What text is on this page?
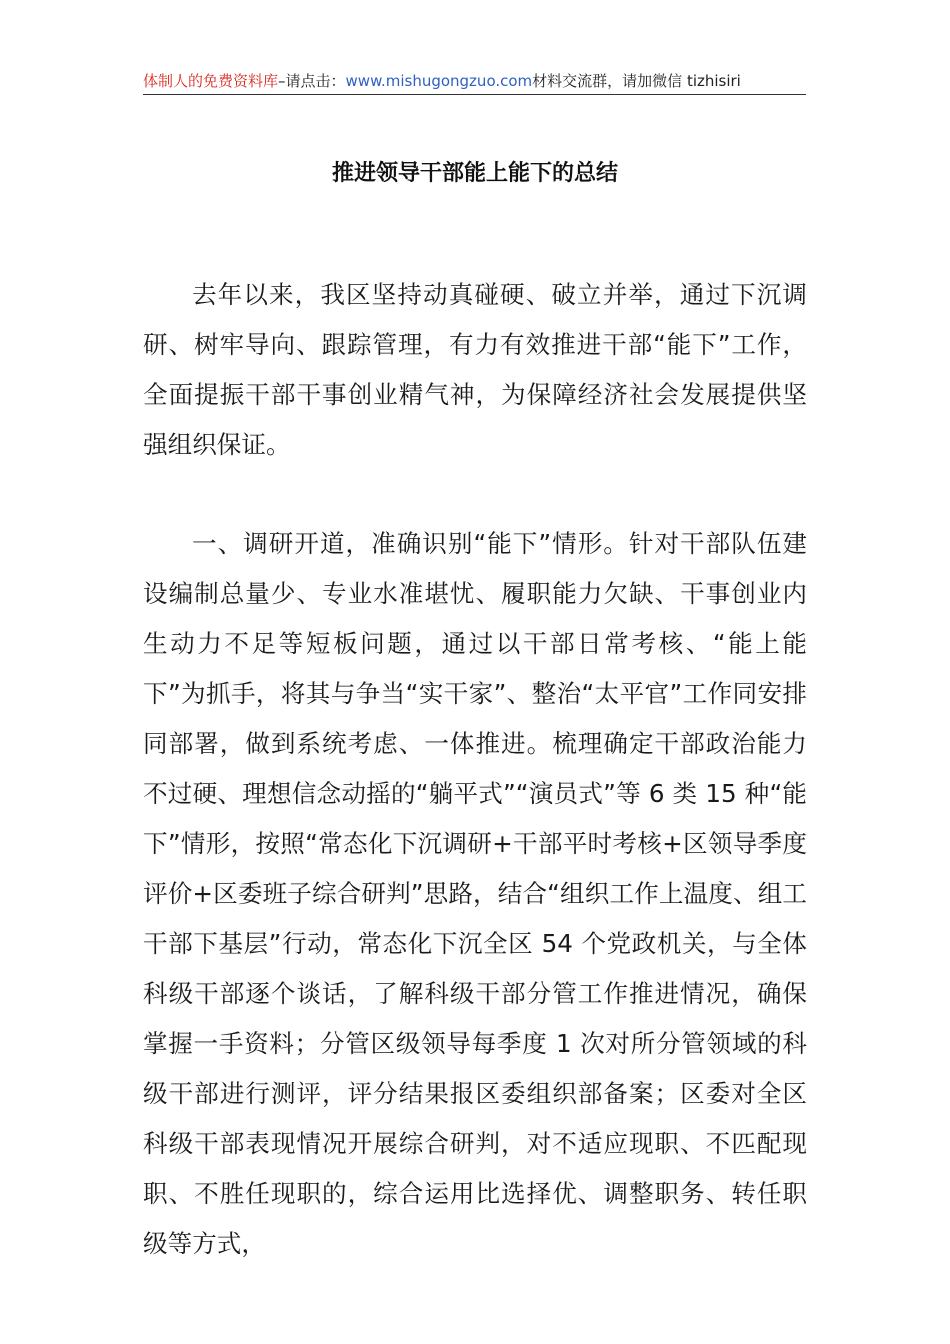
体制人的免费资料库–请点击：www.mishugongzuo.com材料交流群，请加微信 tizhisiri
推进领导干部能上能下的总结

去年以来，我区坚持动真碰硬、破立并举，通过下沉调研、树牢导向、跟踪管理，有力有效推进干部“能下”工作，全面提振干部干事创业精气神，为保障经济社会发展提供坚强组织保证。

一、调研开道，准确识别“能下”情形。针对干部队伍建设编制总量少、专业水准堪忧、履职能力欠缺、干事创业内生动力不足等短板问题，通过以干部日常考核、“能上能下”为抓手，将其与争当“实干家”、整治“太平官”工作同安排同部署，做到系统考虑、一体推进。梳理确定干部政治能力不过硬、理想信念动摇的“躺平式”“演员式”等 6 类 15 种“能下”情形，按照“常态化下沉调研+干部平时考核+区领导季度评价+区委班子综合研判”思路，结合“组织工作上温度、组工干部下基层”行动，常态化下沉全区 54 个党政机关，与全体科级干部逐个谈话，了解科级干部分管工作推进情况，确保掌握一手资料；分管区级领导每季度 1 次对所分管领域的科级干部进行测评，评分结果报区委组织部备案；区委对全区科级干部表现情况开展综合研判，对不适应现职、不匹配现职、不胜任现职的，综合运用比选择优、调整职务、转任职级等方式，
